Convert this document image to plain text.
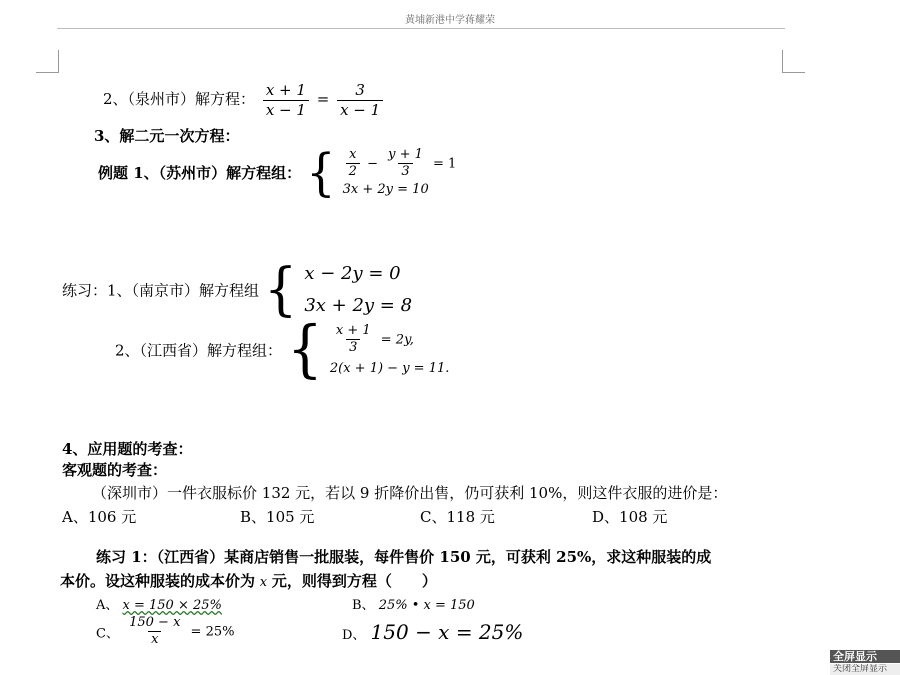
黄埔新港中学蒋耀荣
2、（泉州市）解方程： $\frac{x + 1}{x - 1} = \frac{3}{x - 1}$
3、解二元一次方程：
例题 1、（苏州市）解方程组： { $\frac{x}{2} - \frac{y + 1}{3} = 1$
3x + 2y = 10
练习：1、（南京市）解方程组 { x − 2y = 0
3x + 2y = 8
2、（江西省）解方程组： { $\frac{x + 1}{3} = 2y$,
2(x + 1) − y = 11.
4、应用题的考查：
客观题的考查：
（深圳市）一件衣服标价 132 元，若以 9 折降价出售，仍可获利 10%，则这件衣服的进价是：
A、106 元	B、105 元	C、118 元	D、108 元
练习 1：（江西省）某商店销售一批服装，每件售价 150 元，可获利 25%，求这种服装的成
本价。设这种服装的成本价为 x 元，则得到方程（　　）
A、 x = 150 × 25%	B、 25% • x = 150
C、 $\frac{150 - x}{x} = 25\%$	D、 150 − x = 25%
全屏显示
关闭全屏显示
